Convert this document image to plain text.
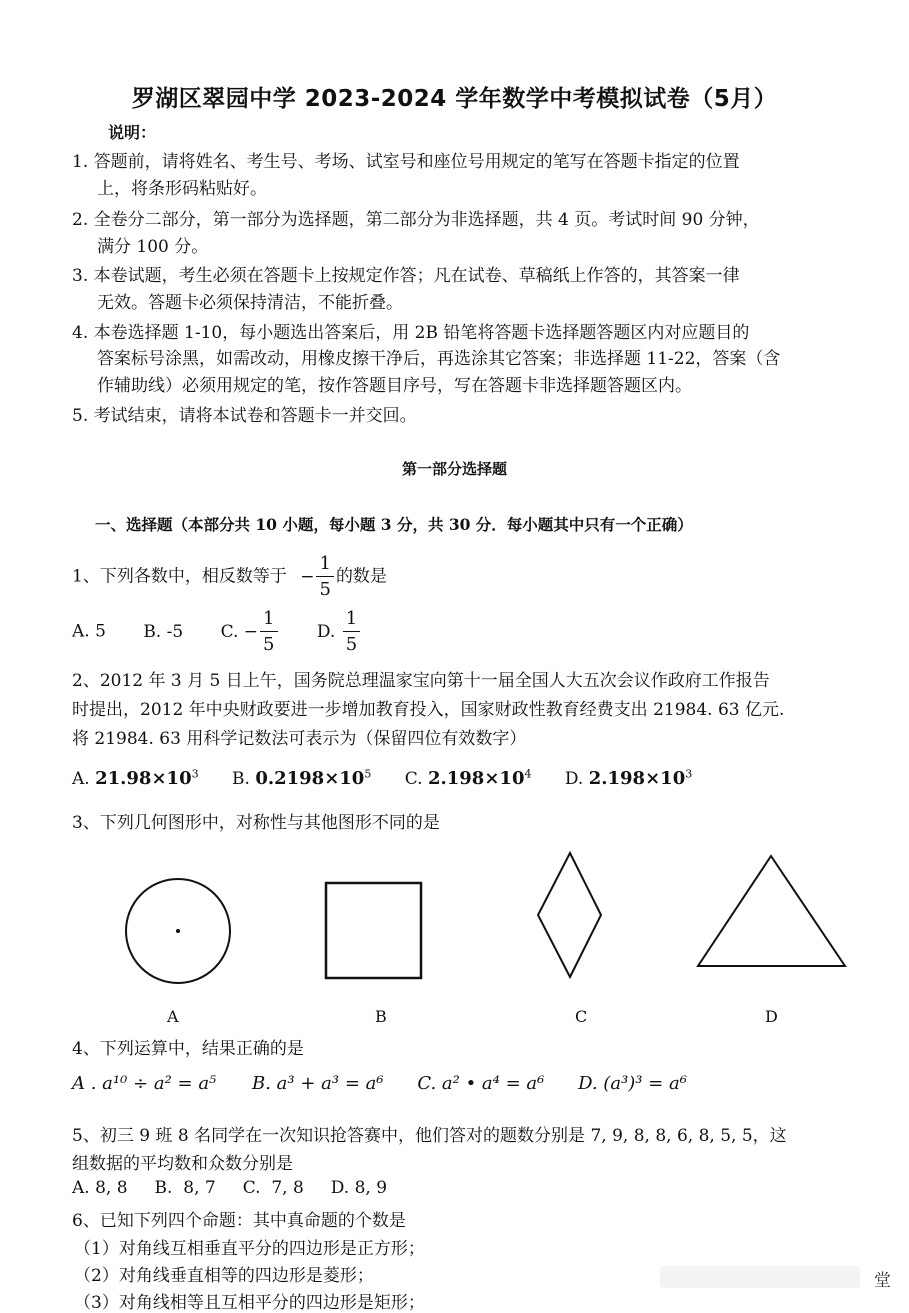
罗湖区翠园中学 2023-2024 学年数学中考模拟试卷（5月）
说明：
1. 答题前，请将姓名、考生号、考场、试室号和座位号用规定的笔写在答题卡指定的位置
上，将条形码粘贴好。
2. 全卷分二部分，第一部分为选择题，第二部分为非选择题，共 4 页。考试时间 90 分钟，
满分 100 分。
3. 本卷试题，考生必须在答题卡上按规定作答；凡在试卷、草稿纸上作答的，其答案一律
无效。答题卡必须保持清洁，不能折叠。
4. 本卷选择题 1-10，每小题选出答案后，用 2B 铅笔将答题卡选择题答题区内对应题目的
答案标号涂黑，如需改动，用橡皮擦干净后，再选涂其它答案；非选择题 11-22，答案（含
作辅助线）必须用规定的笔，按作答题目序号，写在答题卡非选择题答题区内。
5. 考试结束，请将本试卷和答题卡一并交回。
第一部分选择题
一、选择题（本部分共 10 小题，每小题 3 分，共 30 分．每小题其中只有一个正确）
1、下列各数中，相反数等于 − $\frac{1}{5}$ 的数是
A. 5 B. -5 C. − $\frac{1}{5} D$. $\frac{1}{5}$
2、2012 年 3 月 5 日上午，国务院总理温家宝向第十一届全国人大五次会议作政府工作报告
时提出，2012 年中央财政要进一步增加教育投入，国家财政性教育经费支出 21984. 63 亿元.
将 21984. 63 用科学记数法可表示为（保留四位有效数字）
A. $21.98\times 10^3$ B. $0.2198\times 10^5$ C. $2.198\times 10^4$ D. $2.198\times 10^3$
3、下列几何图形中，对称性与其他图形不同的是
A	B	C	D
4、下列运算中，结果正确的是
A . a¹⁰ ÷ a² = a⁵ B. a³ + a³ = a⁶ C. a² • a⁴ = a⁶ D. (a³)³ = a⁶
5、初三 9 班 8 名同学在一次知识抢答赛中，他们答对的题数分别是 7, 9, 8, 8, 6, 8, 5, 5，这
组数据的平均数和众数分别是
A. 8, 8     B.  8, 7     C.  7, 8     D. 8, 9
6、已知下列四个命题：其中真命题的个数是
（1）对角线互相垂直平分的四边形是正方形；
（2）对角线垂直相等的四边形是菱形；
（3）对角线相等且互相平分的四边形是矩形；
堂
